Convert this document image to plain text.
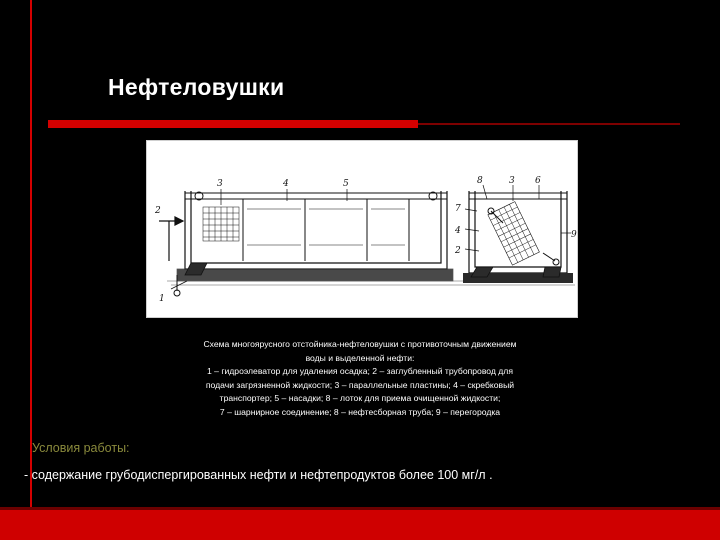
Нефтеловушки
3	4	5
2
1
8	3 6
7
4
2
9
Схема многоярусного отстойника-нефтеловушки с противоточным движением
воды и выделенной нефти:
1 – гидроэлеватор для удаления осадка; 2 – заглубленный трубопровод для
подачи загрязненной жидкости; 3 – параллельные пластины; 4 – скребковый
транспортер; 5 – насадки; 8 – лоток для приема очищенной жидкости;
7 – шарнирное соединение; 8 – нефтесборная труба; 9 – перегородка
Условия работы:
- содержание грубодиспергированных нефти и нефтепродуктов более 100 мг/л .
